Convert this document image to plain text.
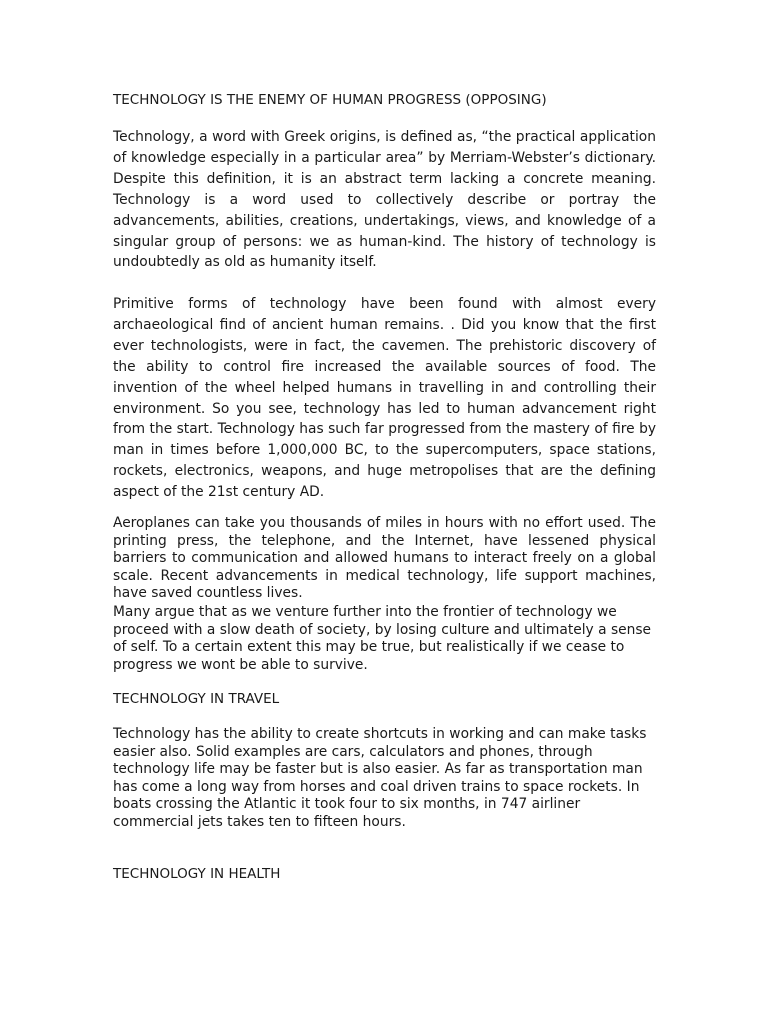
TECHNOLOGY IS THE ENEMY OF HUMAN PROGRESS (OPPOSING)

Technology, a word with Greek origins, is defined as, “the practical application of knowledge especially in a particular area” by Merriam-Webster’s dictionary. Despite this definition, it is an abstract term lacking a concrete meaning. Technology is a word used to collectively describe or portray the advancements, abilities, creations, undertakings, views, and knowledge of a singular group of persons: we as human-kind. The history of technology is undoubtedly as old as humanity itself.

Primitive forms of technology have been found with almost every archaeological find of ancient human remains. . Did you know that the first ever technologists, were in fact, the cavemen. The prehistoric discovery of the ability to control fire increased the available sources of food. The invention of the wheel helped humans in travelling in and controlling their environment. So you see, technology has led to human advancement right from the start. Technology has such far progressed from the mastery of fire by man in times before 1,000,000 BC, to the supercomputers, space stations, rockets, electronics, weapons, and huge metropolises that are the defining aspect of the 21st century AD.

Aeroplanes can take you thousands of miles in hours with no effort used. The printing press, the telephone, and the Internet, have lessened physical barriers to communication and allowed humans to interact freely on a global scale. Recent advancements in medical technology, life support machines, have saved countless lives.

Many argue that as we venture further into the frontier of technology we proceed with a slow death of society, by losing culture and ultimately a sense of self. To a certain extent this may be true, but realistically if we cease to progress we wont be able to survive.

TECHNOLOGY IN TRAVEL

Technology has the ability to create shortcuts in working and can make tasks easier also. Solid examples are cars, calculators and phones, through technology life may be faster but is also easier. As far as transportation man has come a long way from horses and coal driven trains to space rockets. In boats crossing the Atlantic it took four to six months, in 747 airliner commercial jets takes ten to fifteen hours.

TECHNOLOGY IN HEALTH
